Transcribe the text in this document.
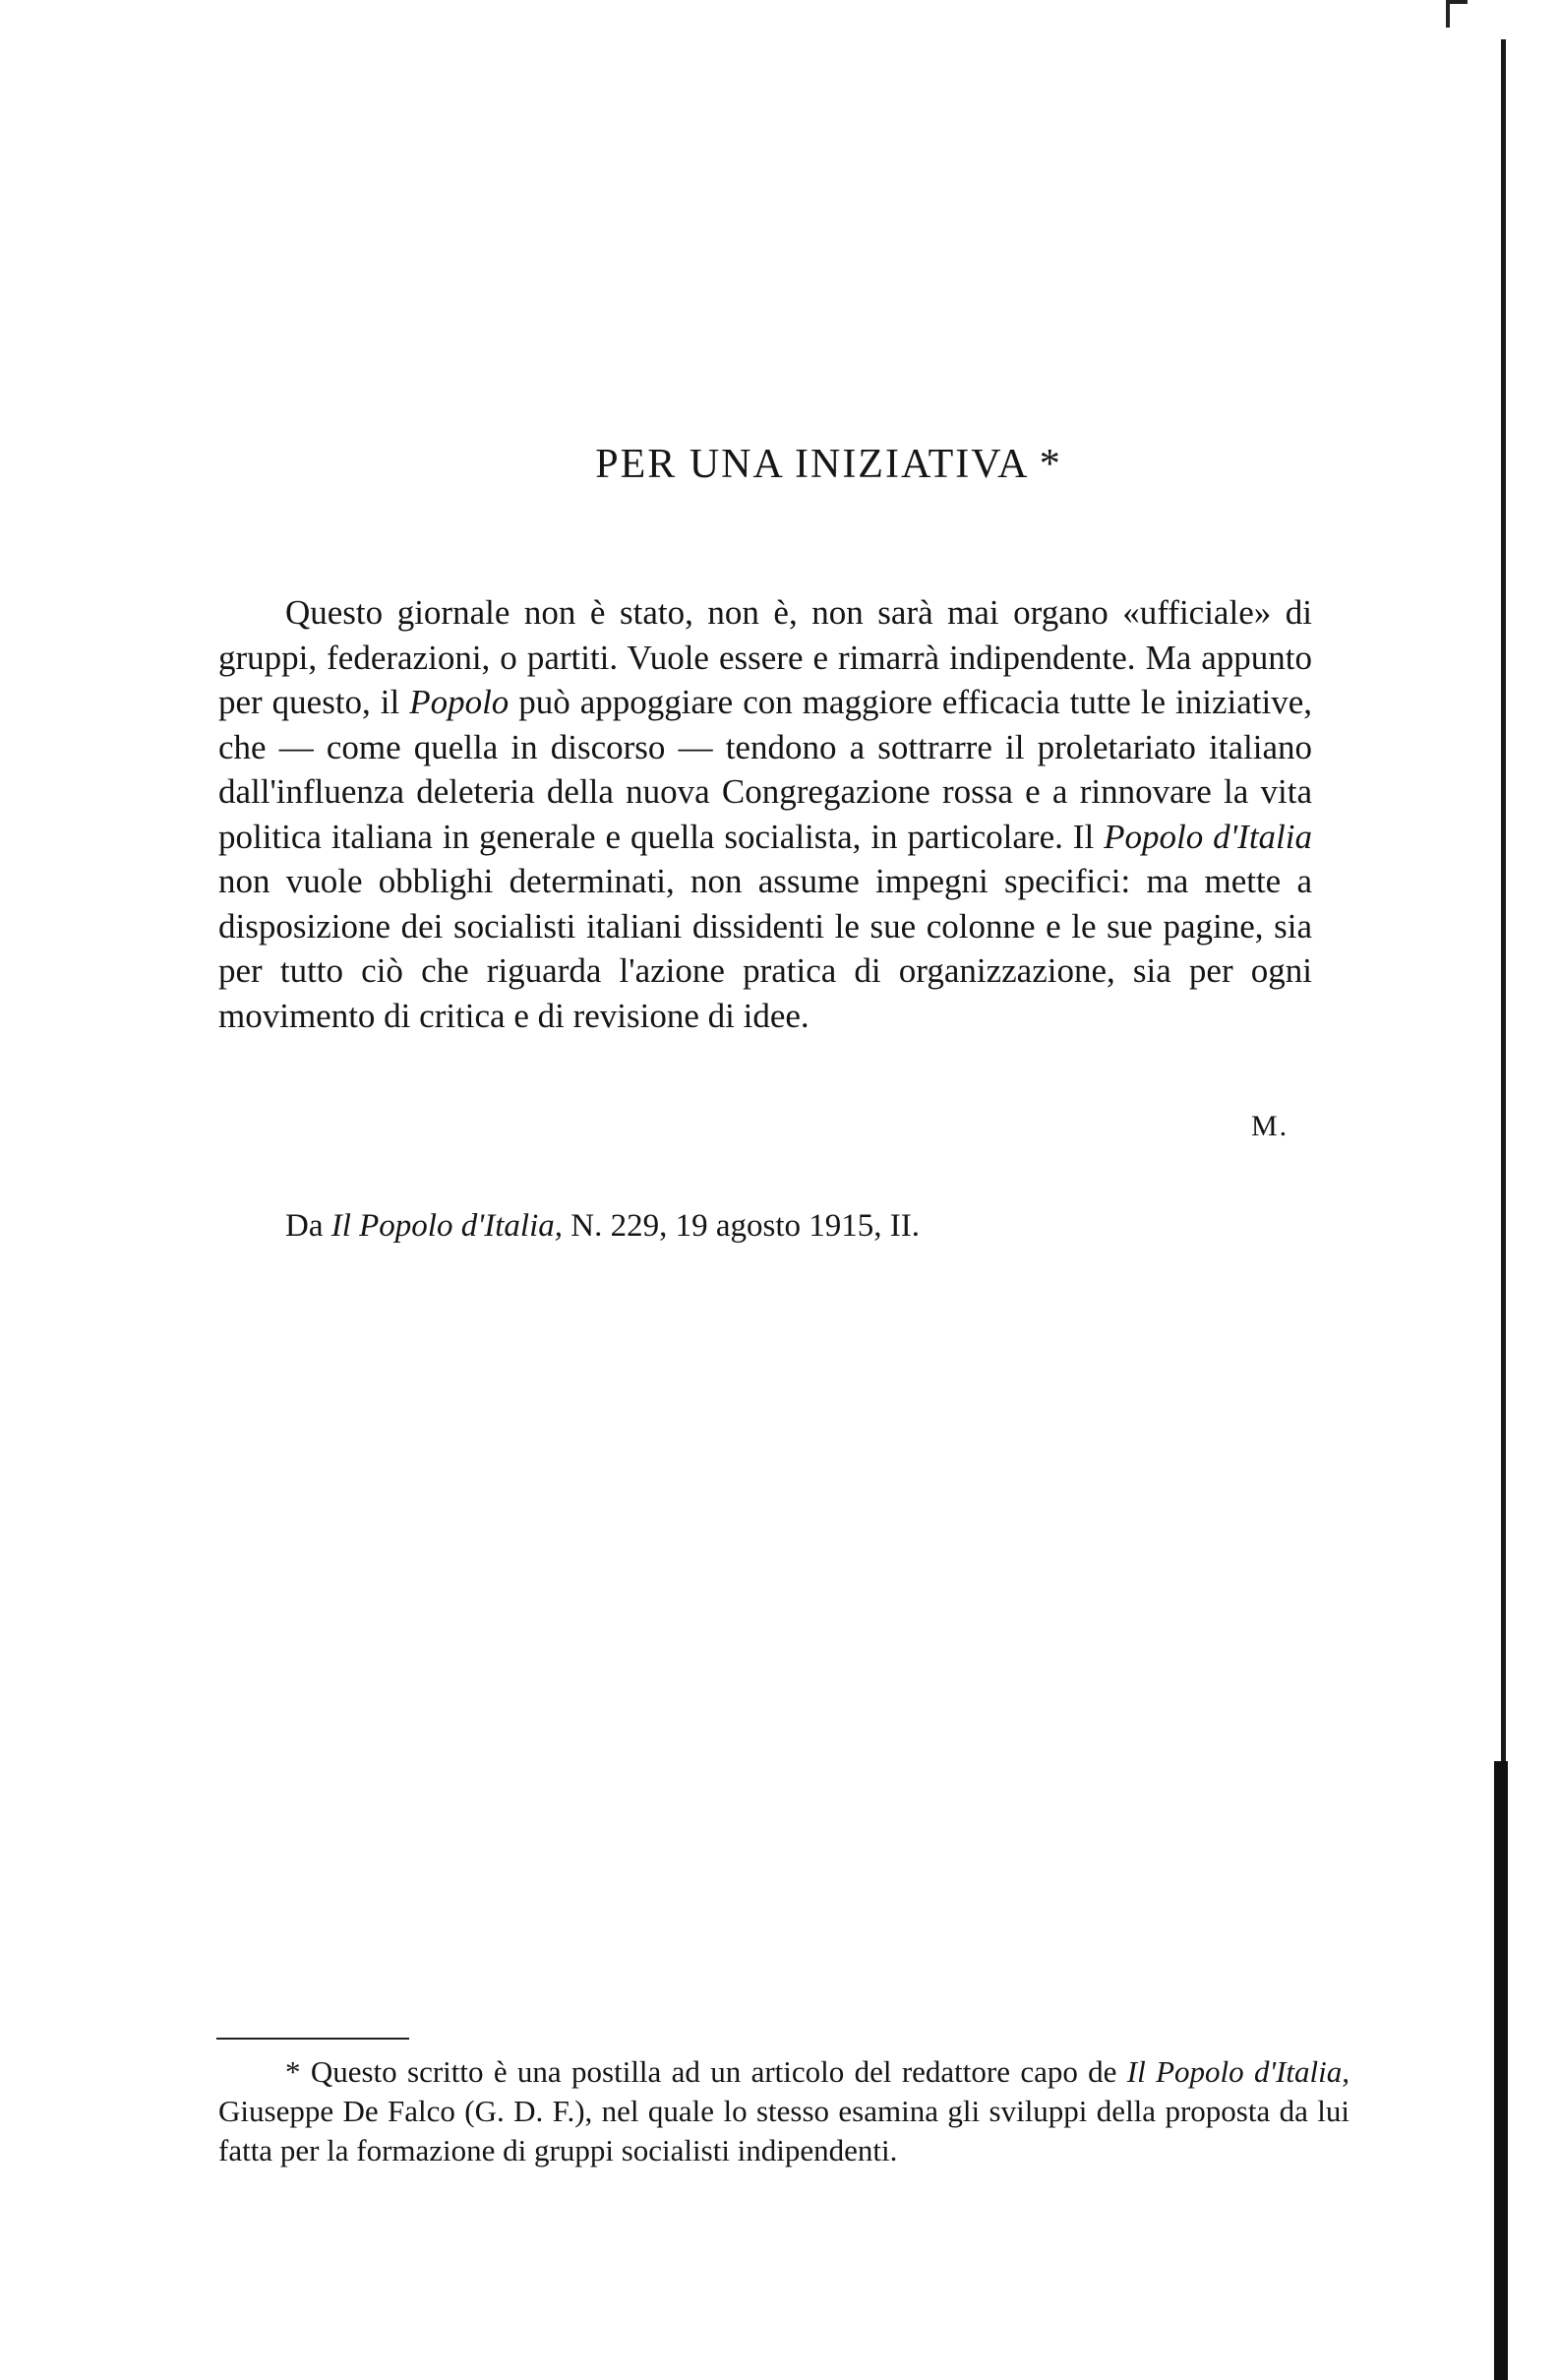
PER UNA INIZIATIVA *

Questo giornale non è stato, non è, non sarà mai organo «ufficiale» di gruppi, federazioni, o partiti. Vuole essere e rimarrà indipendente. Ma appunto per questo, il Popolo può appoggiare con maggiore efficacia tutte le iniziative, che — come quella in discorso — tendono a sottrarre il proletariato italiano dall'influenza deleteria della nuova Congregazione rossa e a rinnovare la vita politica italiana in generale e quella socialista, in particolare. Il Popolo d'Italia non vuole obblighi determinati, non assume impegni specifici: ma mette a disposizione dei socialisti italiani dissidenti le sue colonne e le sue pagine, sia per tutto ciò che riguarda l'azione pratica di organizzazione, sia per ogni movimento di critica e di revisione di idee.

M.
Da Il Popolo d'Italia, N. 229, 19 agosto 1915, II.

* Questo scritto è una postilla ad un articolo del redattore capo de Il Popolo d'Italia, Giuseppe De Falco (G. D. F.), nel quale lo stesso esamina gli sviluppi della proposta da lui fatta per la formazione di gruppi socialisti indipendenti.
